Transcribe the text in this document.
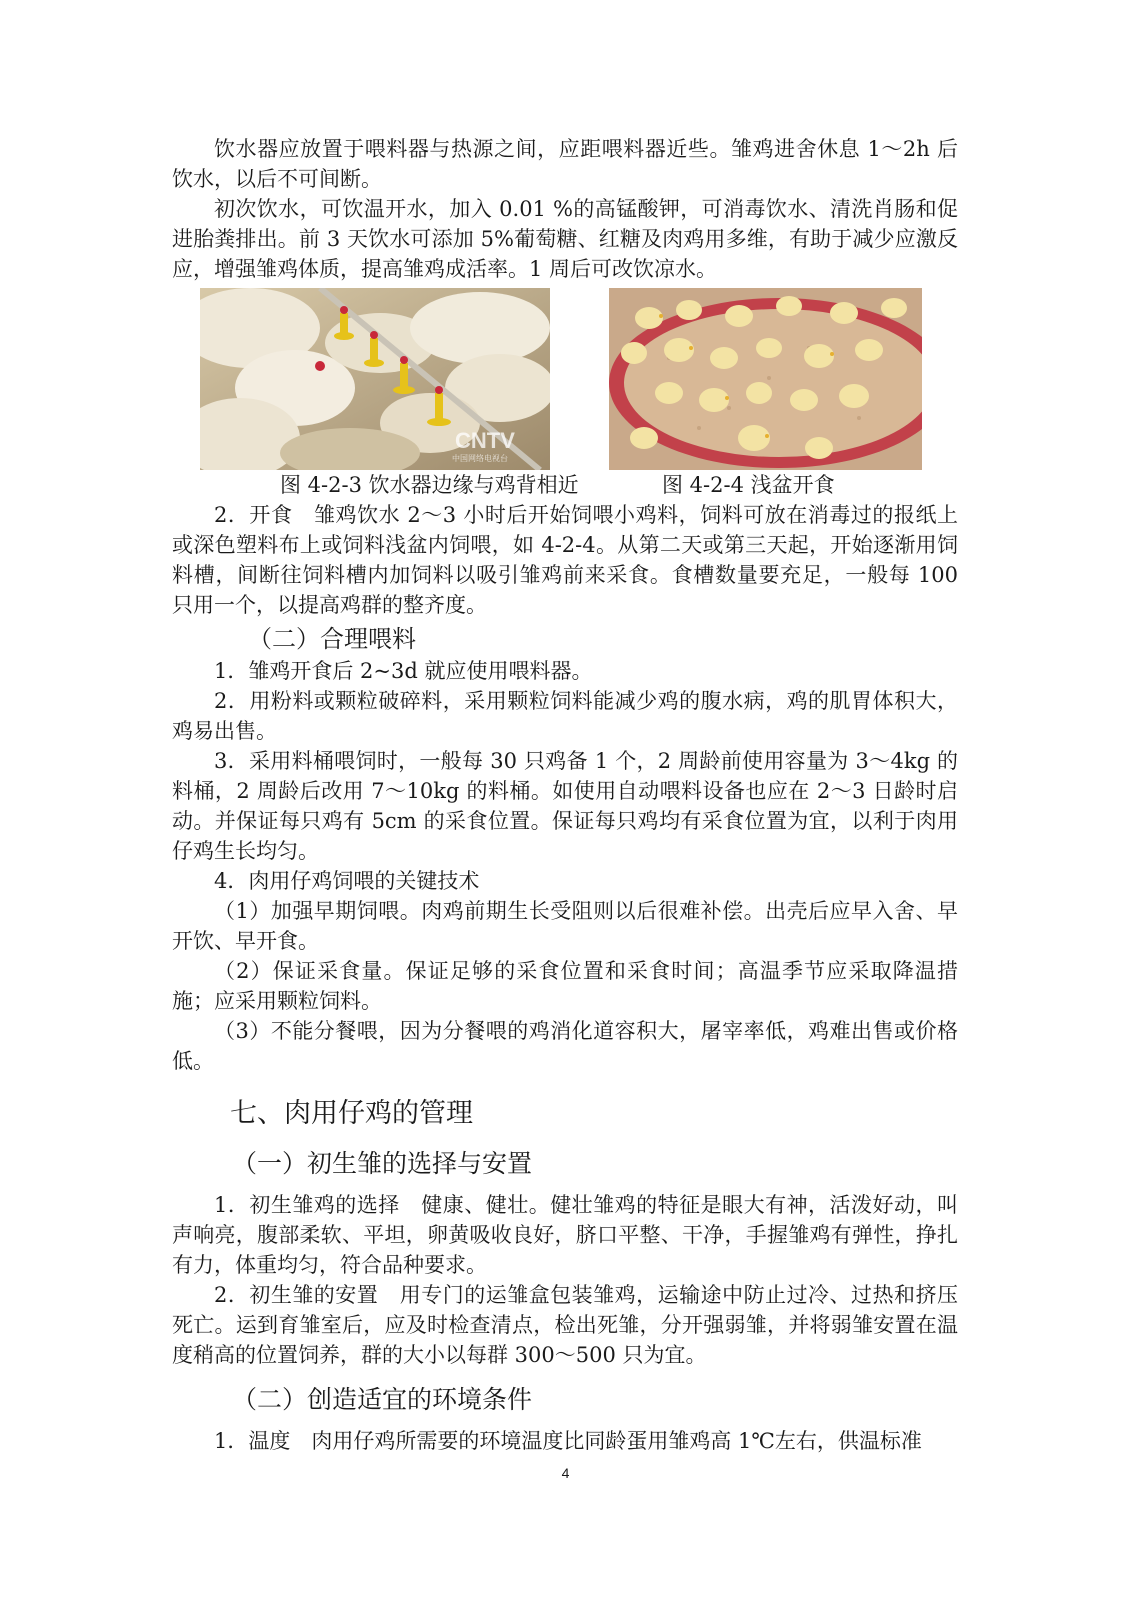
饮水器应放置于喂料器与热源之间，应距喂料器近些。雏鸡进舍休息 1～2h 后饮水，以后不可间断。

初次饮水，可饮温开水，加入 0.01 %的高锰酸钾，可消毒饮水、清洗肖肠和促进胎粪排出。前 3 天饮水可添加 5%葡萄糖、红糖及肉鸡用多维，有助于减少应激反应，增强雏鸡体质，提高雏鸡成活率。1 周后可改饮凉水。

CNTV
中国网络电视台
图 4-2-3 饮水器边缘与鸡背相近	图 4-2-4 浅盆开食

2．开食　雏鸡饮水 2～3 小时后开始饲喂小鸡料，饲料可放在消毒过的报纸上或深色塑料布上或饲料浅盆内饲喂，如 4-2-4。从第二天或第三天起，开始逐渐用饲料槽，间断往饲料槽内加饲料以吸引雏鸡前来采食。食槽数量要充足，一般每 100 只用一个，以提高鸡群的整齐度。

（二）合理喂料

1．雏鸡开食后 2~3d 就应使用喂料器。

2．用粉料或颗粒破碎料，采用颗粒饲料能减少鸡的腹水病，鸡的肌胃体积大，鸡易出售。

3．采用料桶喂饲时，一般每 30 只鸡备 1 个，2 周龄前使用容量为 3～4kg 的料桶，2 周龄后改用 7～10kg 的料桶。如使用自动喂料设备也应在 2～3 日龄时启动。并保证每只鸡有 5cm 的采食位置。保证每只鸡均有采食位置为宜，以利于肉用仔鸡生长均匀。

4．肉用仔鸡饲喂的关键技术

（1）加强早期饲喂。肉鸡前期生长受阻则以后很难补偿。出壳后应早入舍、早开饮、早开食。

（2）保证采食量。保证足够的采食位置和采食时间；高温季节应采取降温措施；应采用颗粒饲料。

（3）不能分餐喂，因为分餐喂的鸡消化道容积大，屠宰率低，鸡难出售或价格低。

七、肉用仔鸡的管理
（一）初生雏的选择与安置

1．初生雏鸡的选择　健康、健壮。健壮雏鸡的特征是眼大有神，活泼好动，叫声响亮，腹部柔软、平坦，卵黄吸收良好，脐口平整、干净，手握雏鸡有弹性，挣扎有力，体重均匀，符合品种要求。

2．初生雏的安置　用专门的运雏盒包装雏鸡，运输途中防止过冷、过热和挤压死亡。运到育雏室后，应及时检查清点，检出死雏，分开强弱雏，并将弱雏安置在温度稍高的位置饲养，群的大小以每群 300～500 只为宜。

（二）创造适宜的环境条件

1．温度　肉用仔鸡所需要的环境温度比同龄蛋用雏鸡高 1℃左右，供温标准

4
